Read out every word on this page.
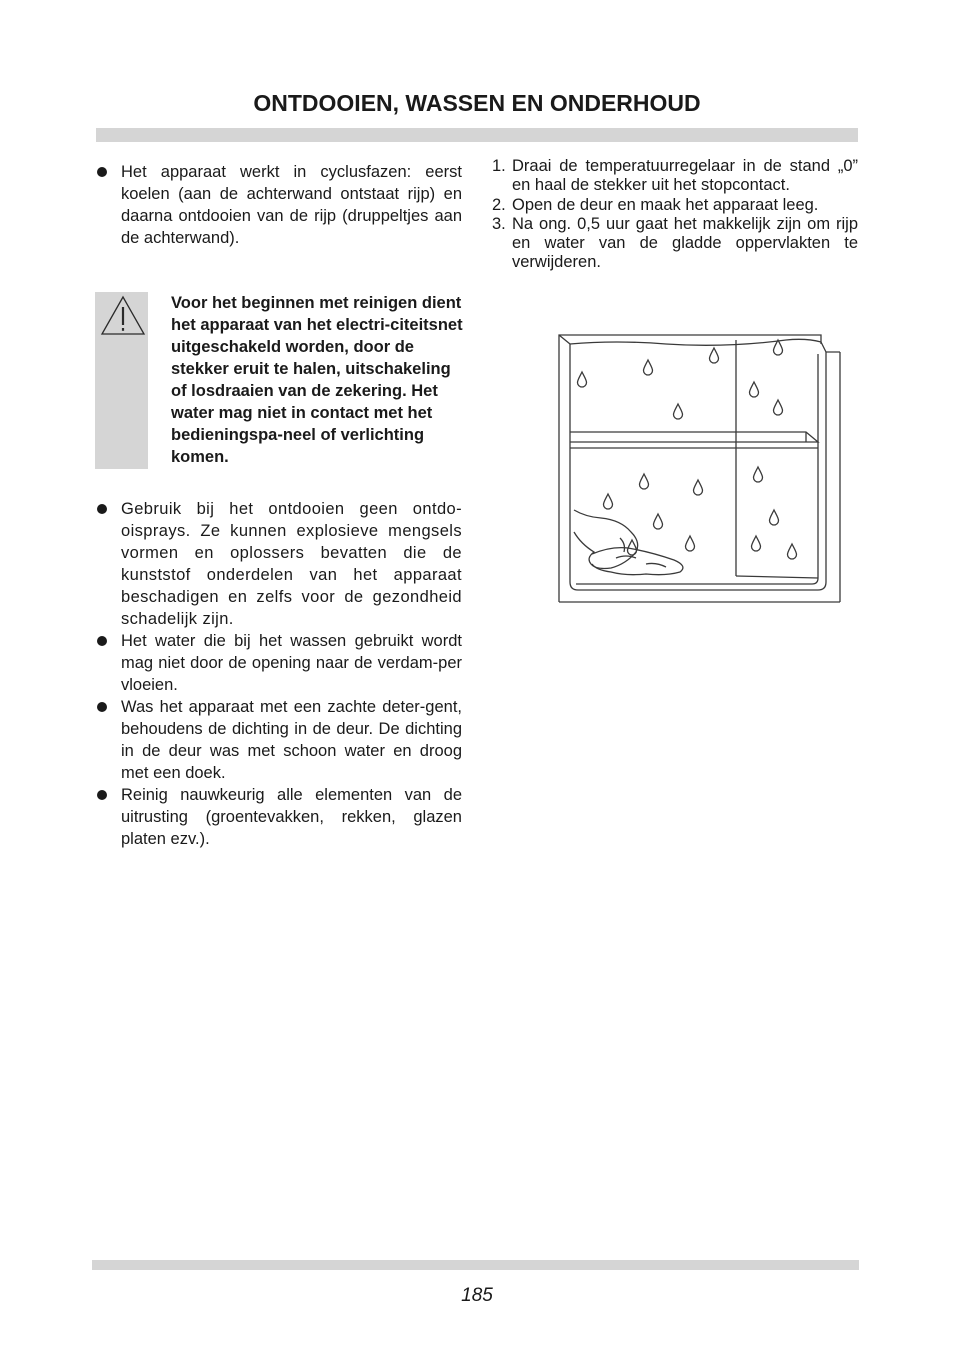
ONTDOOIEN, WASSEN EN ONDERHOUD
Het apparaat werkt in cyclusfazen: eerst koelen (aan de achterwand ontstaat rijp) en daarna ontdooien van de rijp (druppeltjes aan de achterwand).
Voor het beginnen met reinigen dient het apparaat van het electri-citeitsnet uitgeschakeld worden, door de stekker eruit te halen, uitschakeling of losdraaien van de zekering. Het water mag niet in contact met het bedieningspa-neel of verlichting komen.
Gebruik bij het ontdooien geen ontdo-oisprays. Ze kunnen explosieve mengsels vormen en oplossers bevatten die de kunststof onderdelen van het apparaat beschadigen en zelfs voor de gezondheid schadelijk zijn.
Het water die bij het wassen gebruikt wordt mag niet door de opening naar de verdam-per vloeien.
Was het apparaat met een zachte deter-gent, behoudens de dichting in de deur. De dichting in de deur was met schoon water en droog met een doek.
Reinig nauwkeurig alle elementen van de uitrusting (groentevakken, rekken, glazen platen ezv.).
1. Draai de temperatuurregelaar in de stand „0” en haal de stekker uit het stopcontact.
2. Open de deur en maak het apparaat leeg.
3. Na ong. 0,5 uur gaat het makkelijk zijn om rijp en water van de gladde oppervlakten te verwijderen.
185
